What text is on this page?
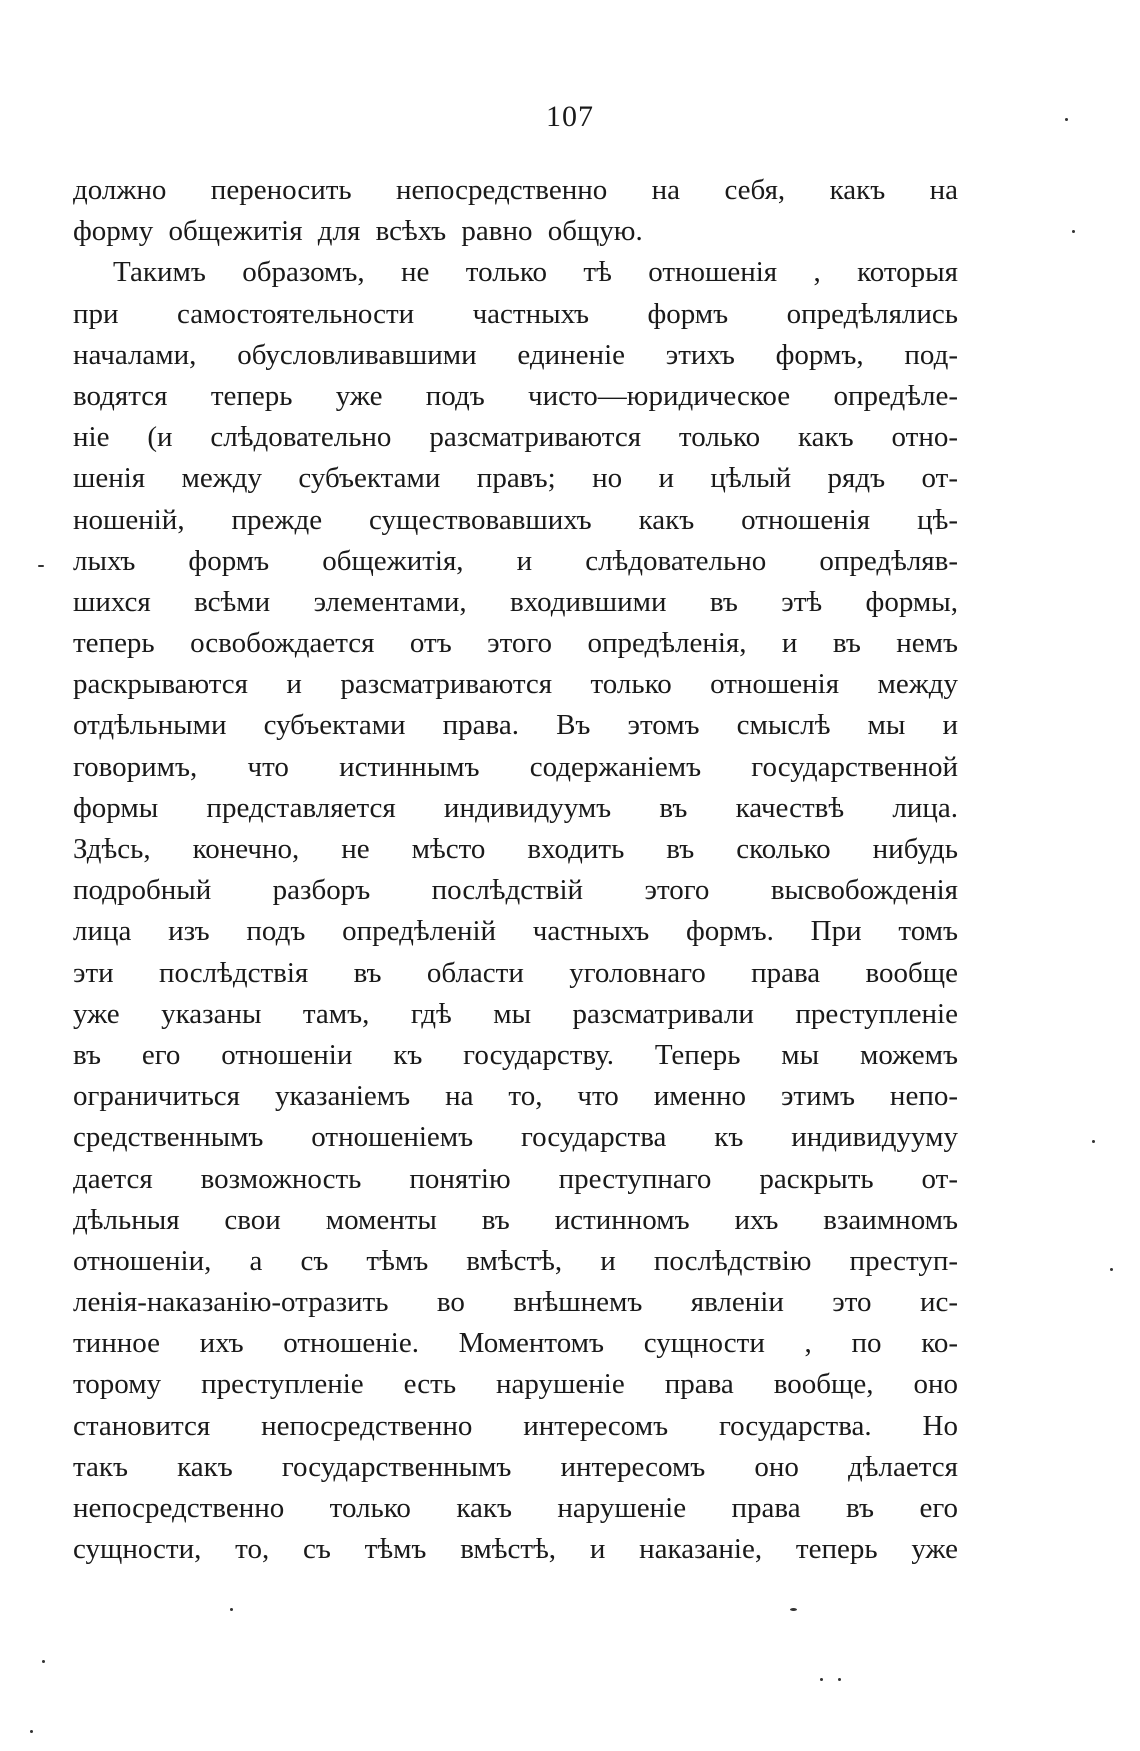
107
должно переносить непосредственно на себя, какъ на
форму общежитія для всѣхъ равно общую.
Такимъ образомъ, не только тѣ отношенія , которыя
при самостоятельности частныхъ формъ опредѣлялись
началами, обусловливавшими единеніе этихъ формъ, под-
водятся теперь уже подъ чисто—юридическое опредѣле-
ніе (и слѣдовательно разсматриваются только какъ отно-
шенія между субъектами правъ; но и цѣлый рядъ от-
ношеній, прежде существовавшихъ какъ отношенія цѣ-
лыхъ формъ общежитія, и слѣдовательно опредѣляв-
шихся всѣми элементами, входившими въ этѣ формы,
теперь освобождается отъ этого опредѣленія, и въ немъ
раскрываются и разсматриваются только отношенія между
отдѣльными субъектами права. Въ этомъ смыслѣ мы и
говоримъ, что истиннымъ содержаніемъ государственной
формы представляется индивидуумъ въ качествѣ лица.
Здѣсь, конечно, не мѣсто входить въ сколько нибудь
подробный разборъ послѣдствій этого высвобожденія
лица изъ подъ опредѣленій частныхъ формъ. При томъ
эти послѣдствія въ области уголовнаго права вообще
уже указаны тамъ, гдѣ мы разсматривали преступленіе
въ его отношеніи къ государству. Теперь мы можемъ
ограничиться указаніемъ на то, что именно этимъ непо-
средственнымъ отношеніемъ государства къ индивидууму
дается возможность понятію преступнаго раскрыть от-
дѣльныя свои моменты въ истинномъ ихъ взаимномъ
отношеніи, а съ тѣмъ вмѣстѣ, и послѣдствію преступ-
ленія-наказанію-отразить во внѣшнемъ явленіи это ис-
тинное ихъ отношеніе. Моментомъ сущности , по ко-
торому преступленіе есть нарушеніе права вообще, оно
становится непосредственно интересомъ государства. Но
такъ какъ государственнымъ интересомъ оно дѣлается
непосредственно только какъ нарушеніе права въ его
сущности, то, съ тѣмъ вмѣстѣ, и наказаніе, теперь уже
